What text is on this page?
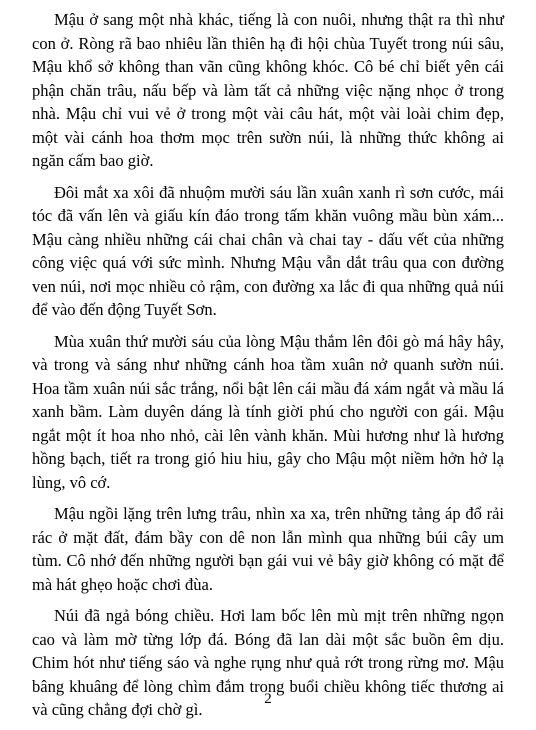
Mậu ở sang một nhà khác, tiếng là con nuôi, nhưng thật ra thì như con ở. Ròng rã bao nhiêu lần thiên hạ đi hội chùa Tuyết trong núi sâu, Mậu khổ sở không than vãn cũng không khóc. Cô bé chỉ biết yên cái phận chăn trâu, nấu bếp và làm tất cả những việc nặng nhọc ở trong nhà. Mậu chỉ vui vẻ ở trong một vài câu hát, một vài loài chim đẹp, một vài cánh hoa thơm mọc trên sườn núi, là những thức không ai ngăn cấm bao giờ.

Đôi mắt xa xôi đã nhuộm mười sáu lần xuân xanh rì sơn cước, mái tóc đã vấn lên và giấu kín đáo trong tấm khăn vuông mầu bùn xám... Mậu càng nhiều những cái chai chân và chai tay - dấu vết của những công việc quá với sức mình. Nhưng Mậu vẫn dắt trâu qua con đường ven núi, nơi mọc nhiều cỏ rậm, con đường xa lắc đi qua những quả núi để vào đến động Tuyết Sơn.

Mùa xuân thứ mười sáu của lòng Mậu thắm lên đôi gò má hây hây, và trong và sáng như những cánh hoa tầm xuân nở quanh sườn núi. Hoa tầm xuân núi sắc trắng, nổi bật lên cái mầu đá xám ngắt và mầu lá xanh bầm. Làm duyên dáng là tính giời phú cho người con gái. Mậu ngắt một ít hoa nho nhỏ, cài lên vành khăn. Mùi hương như là hương hồng bạch, tiết ra trong gió hiu hiu, gây cho Mậu một niềm hởn hở lạ lùng, vô cớ.

Mậu ngồi lặng trên lưng trâu, nhìn xa xa, trên những tảng áp đổ rải rác ở mặt đất, đám bầy con dê non lẫn mình qua những búi cây um tùm. Cô nhớ đến những người bạn gái vui vẻ bây giờ không có mặt để mà hát ghẹo hoặc chơi đùa.

Núi đã ngả bóng chiều. Hơi lam bốc lên mù mịt trên những ngọn cao và làm mờ từng lớp đá. Bóng đã lan dài một sắc buồn êm dịu. Chim hót như tiếng sáo và nghe rụng như quả rớt trong rừng mơ. Mậu bâng khuâng để lòng chìm đắm trong buổi chiều không tiếc thương ai và cũng chẳng đợi chờ gì.

2
